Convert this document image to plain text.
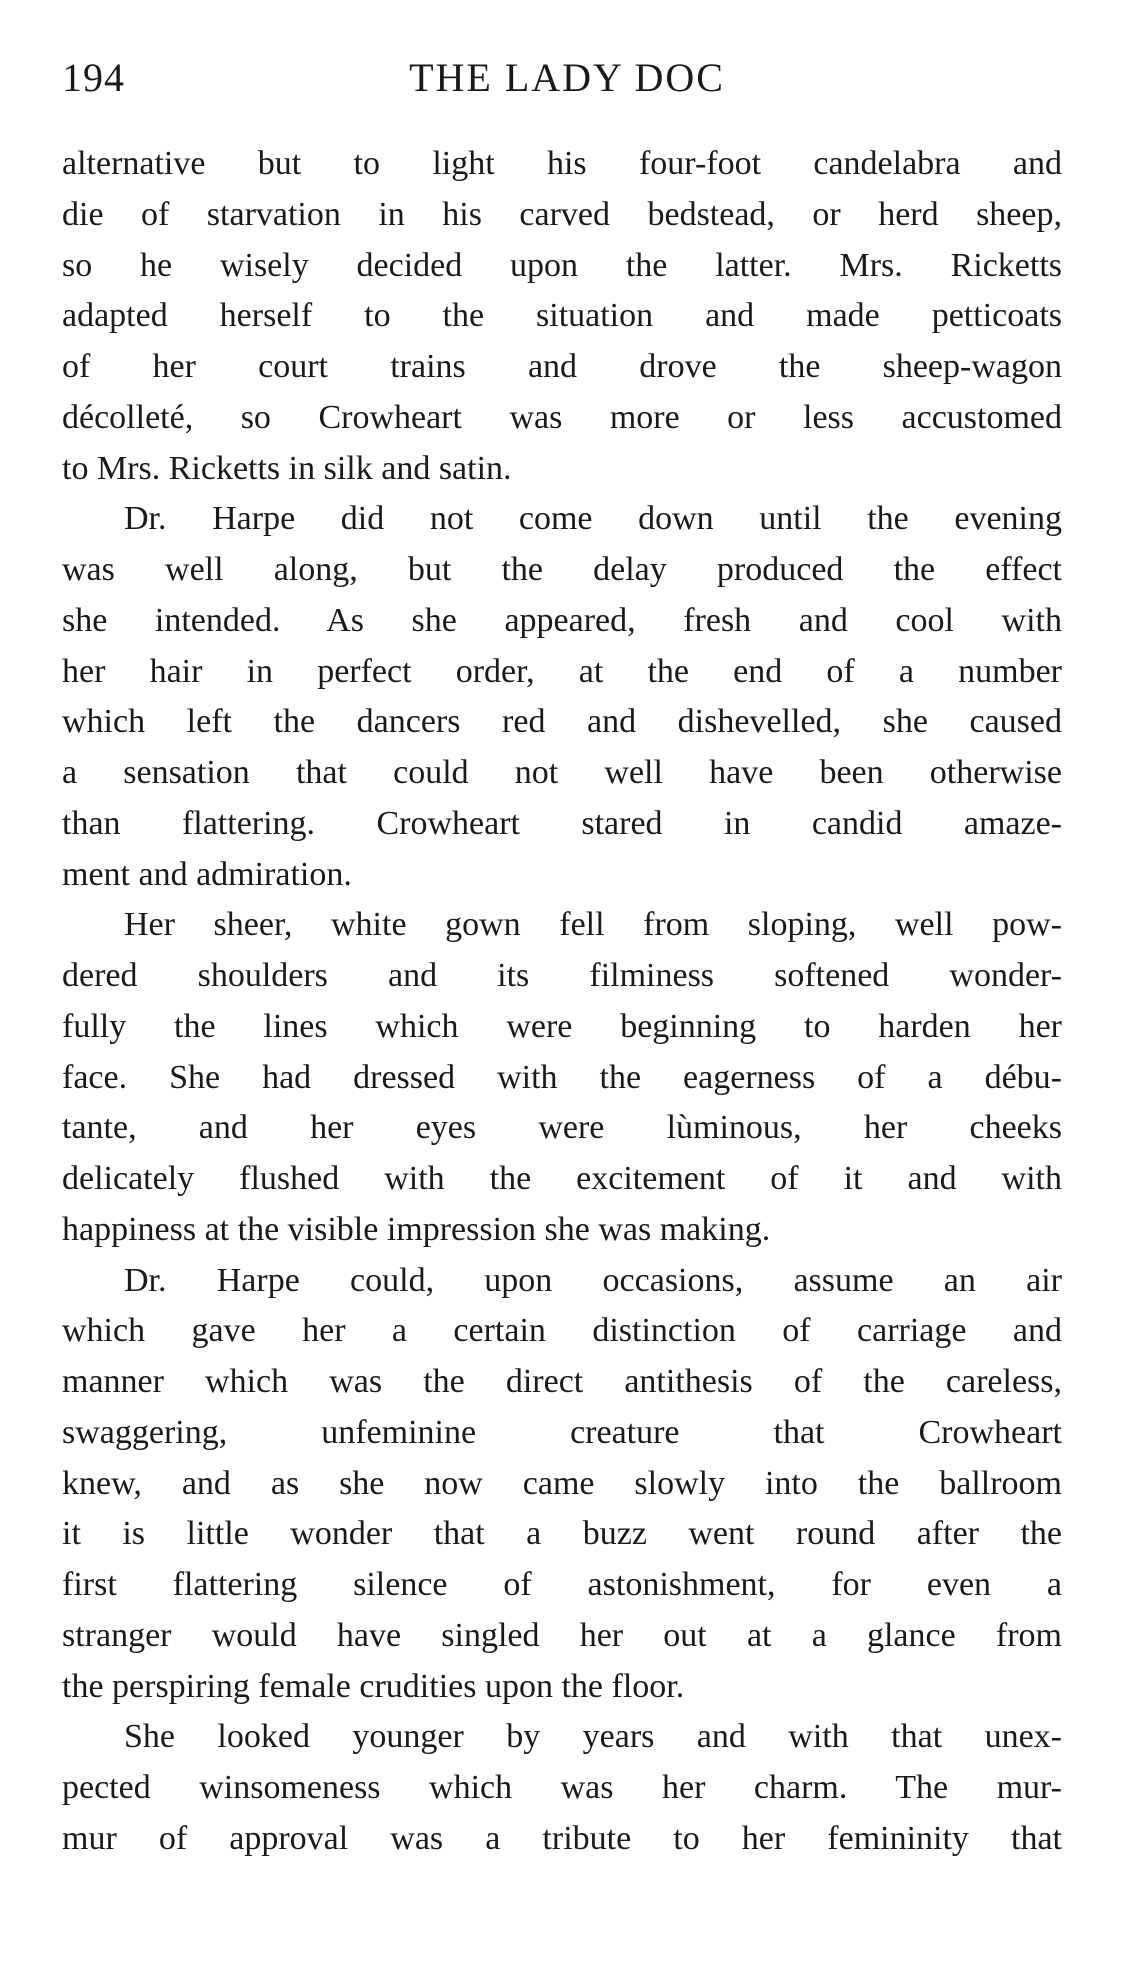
194	THE LADY DOC
alternative but to light his four-foot candelabra and
die of starvation in his carved bedstead, or herd sheep,
so he wisely decided upon the latter. Mrs. Ricketts
adapted herself to the situation and made petticoats
of her court trains and drove the sheep-wagon
décolleté, so Crowheart was more or less accustomed
to Mrs. Ricketts in silk and satin.
Dr. Harpe did not come down until the evening
was well along, but the delay produced the effect
she intended. As she appeared, fresh and cool with
her hair in perfect order, at the end of a number
which left the dancers red and dishevelled, she caused
a sensation that could not well have been otherwise
than flattering. Crowheart stared in candid amaze-
ment and admiration.
Her sheer, white gown fell from sloping, well pow-
dered shoulders and its filminess softened wonder-
fully the lines which were beginning to harden her
face. She had dressed with the eagerness of a débu-
tante, and her eyes were lùminous, her cheeks
delicately flushed with the excitement of it and with
happiness at the visible impression she was making.
Dr. Harpe could, upon occasions, assume an air
which gave her a certain distinction of carriage and
manner which was the direct antithesis of the careless,
swaggering, unfeminine creature that Crowheart
knew, and as she now came slowly into the ballroom
it is little wonder that a buzz went round after the
first flattering silence of astonishment, for even a
stranger would have singled her out at a glance from
the perspiring female crudities upon the floor.
She looked younger by years and with that unex-
pected winsomeness which was her charm. The mur-
mur of approval was a tribute to her femininity that
